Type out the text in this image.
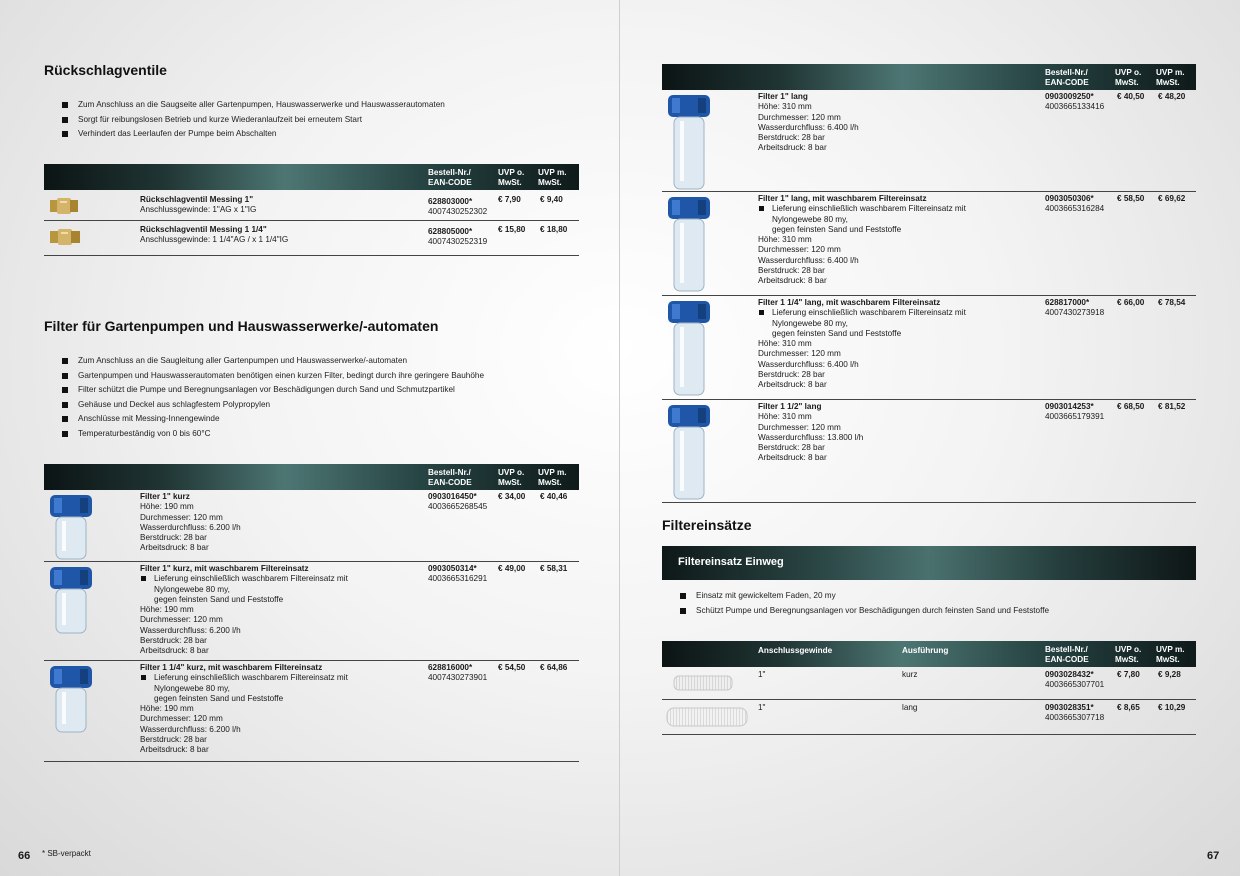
Rückschlagventile
Zum Anschluss an die Saugseite aller Gartenpumpen, Hauswasserwerke und Hauswasserautomaten
Sorgt für reibungslosen Betrieb und kurze Wiederanlaufzeit bei erneutem Start
Verhindert das Leerlaufen der Pumpe beim Abschalten
Bestell-Nr./
EAN-CODE
UVP o.
MwSt.
UVP m.
MwSt.
Rückschlagventil Messing 1"
Anschlussgewinde: 1"AG x 1"IG
628803000*
4007430252302
€ 7,90 € 9,40
Rückschlagventil Messing 1 1/4"
Anschlussgewinde: 1 1/4"AG / x 1 1/4"IG
628805000*
4007430252319
€ 15,80 € 18,80
Filter für Gartenpumpen und Hauswasserwerke/-automaten
Zum Anschluss an die Saugleitung aller Gartenpumpen und Hauswasserwerke/-automaten
Gartenpumpen und Hauswasserautomaten benötigen einen kurzen Filter, bedingt durch ihre geringere Bauhöhe
Filter schützt die Pumpe und Beregnungsanlagen vor Beschädigungen durch Sand und Schmutzpartikel
Gehäuse und Deckel aus schlagfestem Polypropylen
Anschlüsse mit Messing-Innengewinde
Temperaturbeständig von 0 bis 60°C
Bestell-Nr./
EAN-CODE
UVP o.
MwSt.
UVP m.
MwSt.
Filter 1" kurz
Höhe: 190 mm
Durchmesser: 120 mm
Wasserdurchfluss: 6.200 l/h
Berstdruck: 28 bar
Arbeitsdruck: 8 bar
0903016450*
4003665268545
€ 34,00 € 40,46
Filter 1" kurz, mit waschbarem Filtereinsatz
Lieferung einschließlich waschbarem Filtereinsatz mit
Nylongewebe 80 my,
gegen feinsten Sand und Feststoffe
Höhe: 190 mm
Durchmesser: 120 mm
Wasserdurchfluss: 6.200 l/h
Berstdruck: 28 bar
Arbeitsdruck: 8 bar
0903050314*
4003665316291
€ 49,00 € 58,31
Filter 1 1/4" kurz, mit waschbarem Filtereinsatz
Lieferung einschließlich waschbarem Filtereinsatz mit
Nylongewebe 80 my,
gegen feinsten Sand und Feststoffe
Höhe: 190 mm
Durchmesser: 120 mm
Wasserdurchfluss: 6.200 l/h
Berstdruck: 28 bar
Arbeitsdruck: 8 bar
628816000*
4007430273901
€ 54,50 € 64,86
66 * SB-verpackt
Bestell-Nr./
EAN-CODE
UVP o.
MwSt.
UVP m.
MwSt.
Filter 1" lang
Höhe: 310 mm
Durchmesser: 120 mm
Wasserdurchfluss: 6.400 l/h
Berstdruck: 28 bar
Arbeitsdruck: 8 bar
0903009250*
4003665133416
€ 40,50 € 48,20
Filter 1" lang, mit waschbarem Filtereinsatz
Lieferung einschließlich waschbarem Filtereinsatz mit
Nylongewebe 80 my,
gegen feinsten Sand und Feststoffe
Höhe: 310 mm
Durchmesser: 120 mm
Wasserdurchfluss: 6.400 l/h
Berstdruck: 28 bar
Arbeitsdruck: 8 bar
0903050306*
4003665316284
€ 58,50 € 69,62
Filter 1 1/4" lang, mit waschbarem Filtereinsatz
Lieferung einschließlich waschbarem Filtereinsatz mit
Nylongewebe 80 my,
gegen feinsten Sand und Feststoffe
Höhe: 310 mm
Durchmesser: 120 mm
Wasserdurchfluss: 6.400 l/h
Berstdruck: 28 bar
Arbeitsdruck: 8 bar
628817000*
4007430273918
€ 66,00 € 78,54
Filter 1 1/2" lang
Höhe: 310 mm
Durchmesser: 120 mm
Wasserdurchfluss: 13.800 l/h
Berstdruck: 28 bar
Arbeitsdruck: 8 bar
0903014253*
4003665179391
€ 68,50 € 81,52
Filtereinsätze
Filtereinsatz Einweg
Einsatz mit gewickeltem Faden, 20 my
Schützt Pumpe und Beregnungsanlagen vor Beschädigungen durch feinsten Sand und Feststoffe
Anschlussgewinde	Ausführung	Bestell-Nr./
EAN-CODE
UVP o.
MwSt.
UVP m.
MwSt.
1"	kurz	0903028432*
4003665307701
€ 7,80 € 9,28
1"	lang	0903028351*
4003665307718
€ 8,65 € 10,29
67
